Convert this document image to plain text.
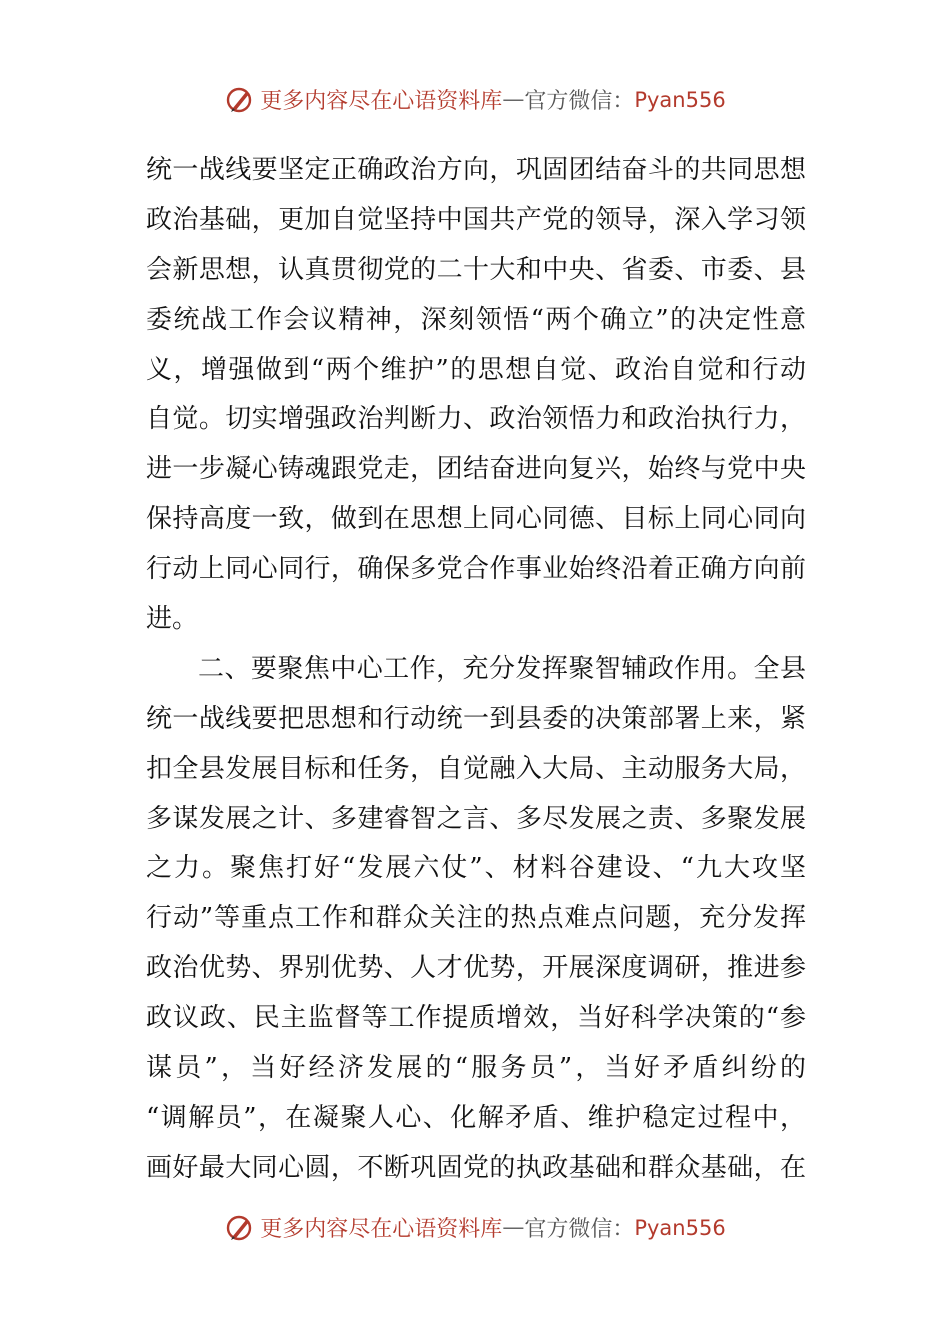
更多内容尽在心语资料库 — 官方微信： Pyan556
统一战线要坚定正确政治方向，巩固团结奋斗的共同思想
政治基础，更加自觉坚持中国共产党的领导，深入学习领
会新思想，认真贯彻党的二十大和中央、省委、市委、县
委统战工作会议精神，深刻领悟“两个确立”的决定性意
义，增强做到“两个维护”的思想自觉、政治自觉和行动
自觉。切实增强政治判断力、政治领悟力和政治执行力，
进一步凝心铸魂跟党走，团结奋进向复兴，始终与党中央
保持高度一致，做到在思想上同心同德、目标上同心同向
行动上同心同行，确保多党合作事业始终沿着正确方向前
进。
二、要聚焦中心工作，充分发挥聚智辅政作用。全县
统一战线要把思想和行动统一到县委的决策部署上来，紧
扣全县发展目标和任务，自觉融入大局、主动服务大局，
多谋发展之计、多建睿智之言、多尽发展之责、多聚发展
之力。聚焦打好“发展六仗”、材料谷建设、“九大攻坚
行动”等重点工作和群众关注的热点难点问题，充分发挥
政治优势、界别优势、人才优势，开展深度调研，推进参
政议政、民主监督等工作提质增效，当好科学决策的“参
谋员”，当好经济发展的“服务员”，当好矛盾纠纷的
“调解员”，在凝聚人心、化解矛盾、维护稳定过程中，
画好最大同心圆，不断巩固党的执政基础和群众基础，在
更多内容尽在心语资料库 — 官方微信： Pyan556
